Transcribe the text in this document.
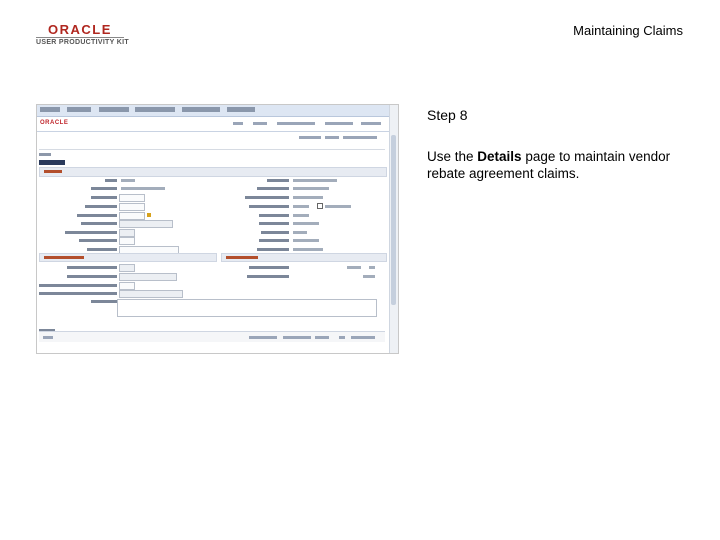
ORACLE
USER PRODUCTIVITY KIT
Maintaining Claims
Step 8
Use the Details page to maintain vendor rebate agreement claims.
ORACLE
